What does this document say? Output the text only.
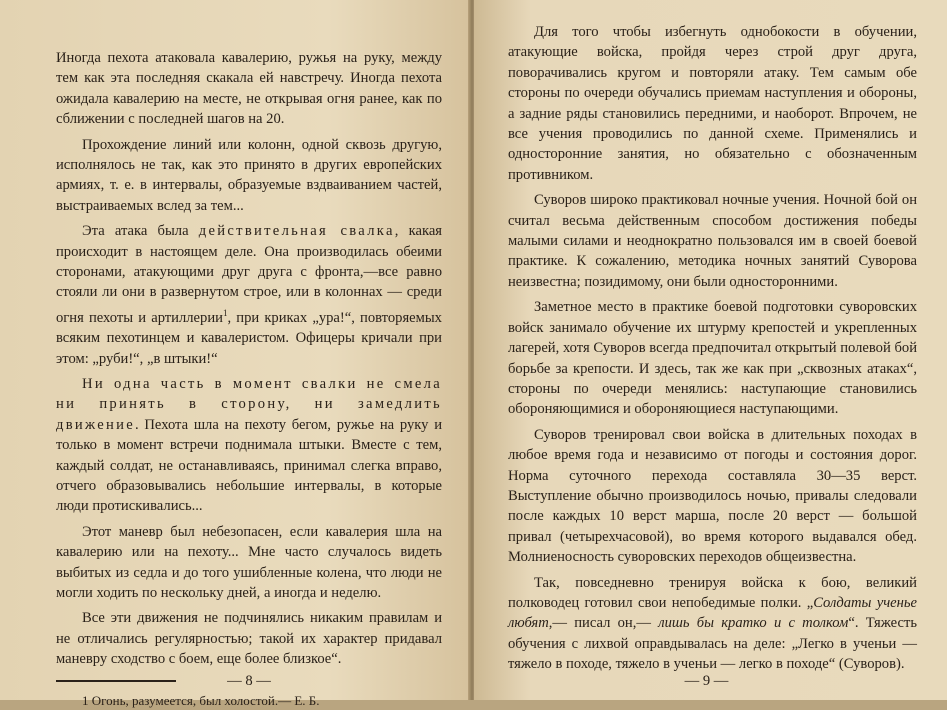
Иногда пехота атаковала кавалерию, ружья на руку, между тем как эта последняя скакала ей навстречу. Иногда пехота ожидала кавалерию на месте, не открывая огня ранее, как по сближении с последней шагов на 20.

Прохождение линий или колонн, одной сквозь другую, исполнялось не так, как это принято в других европейских армиях, т. е. в интервалы, образуемые вздваиванием частей, выстраиваемых вслед за тем...

Эта атака была действительная свалка, какая происходит в настоящем деле. Она производилась обеими сторонами, атакующими друг друга с фронта,—все равно стояли ли они в развернутом строе, или в колоннах — среди огня пехоты и артиллерии$^1$, при криках „ура!“, повторяемых всяким пехотинцем и кавалеристом. Офицеры кричали при этом: „руби!“, „в штыки!“

Ни одна часть в момент свалки не смела ни принять в сторону, ни замедлить движение. Пехота шла на пехоту бегом, ружье на руку и только в момент встречи поднимала штыки. Вместе с тем, каждый солдат, не останавливаясь, принимал слегка вправо, отчего образовывались небольшие интервалы, в которые люди протискивались...

Этот маневр был небезопасен, если кавалерия шла на кавалерию или на пехоту... Мне часто случалось видеть выбитых из седла и до того ушибленные колена, что люди не могли ходить по нескольку дней, а иногда и неделю.

Все эти движения не подчинялись никаким правилам и не отличались регулярностью; такой их характер придавал маневру сходство с боем, еще более близкое“.

1 Огонь, разумеется, был холостой.— Е. Б.

— 8 —

Для того чтобы избегнуть однобокости в обучении, атакующие войска, пройдя через строй друг друга, поворачивались кругом и повторяли атаку. Тем самым обе стороны по очереди обучались приемам наступления и обороны, а задние ряды становились передними, и наоборот. Впрочем, не все учения проводились по данной схеме. Применялись и односторонние занятия, но обязательно с обозначенным противником.

Суворов широко практиковал ночные учения. Ночной бой он считал весьма действенным способом достижения победы малыми силами и неоднократно пользовался им в своей боевой практике. К сожалению, методика ночных занятий Суворова неизвестна; позидимому, они были односторонними.

Заметное место в практике боевой подготовки суворовских войск занимало обучение их штурму крепостей и укрепленных лагерей, хотя Суворов всегда предпочитал открытый полевой бой борьбе за крепости. И здесь, так же как при „сквозных атаках“, стороны по очереди менялись: наступающие становились обороняющимися и обороняющиеся наступающими.

Суворов тренировал свои войска в длительных походах в любое время года и независимо от погоды и состояния дорог. Норма суточного перехода составляла 30—35 верст. Выступление обычно производилось ночью, привалы следовали после каждых 10 верст марша, после 20 верст — большой привал (четырехчасовой), во время которого выдавался обед. Молниеносность суворовских переходов общеизвестна.

Так, повседневно тренируя войска к бою, великий полководец готовил свои непобедимые полки. „Солдаты ученье любят,— писал он,— лишь бы кратко и с толком“. Тяжесть обучения с лихвой оправдывалась на деле: „Легко в ученьи — тяжело в походе, тяжело в ученьи — легко в походе“ (Суворов).

— 9 —
